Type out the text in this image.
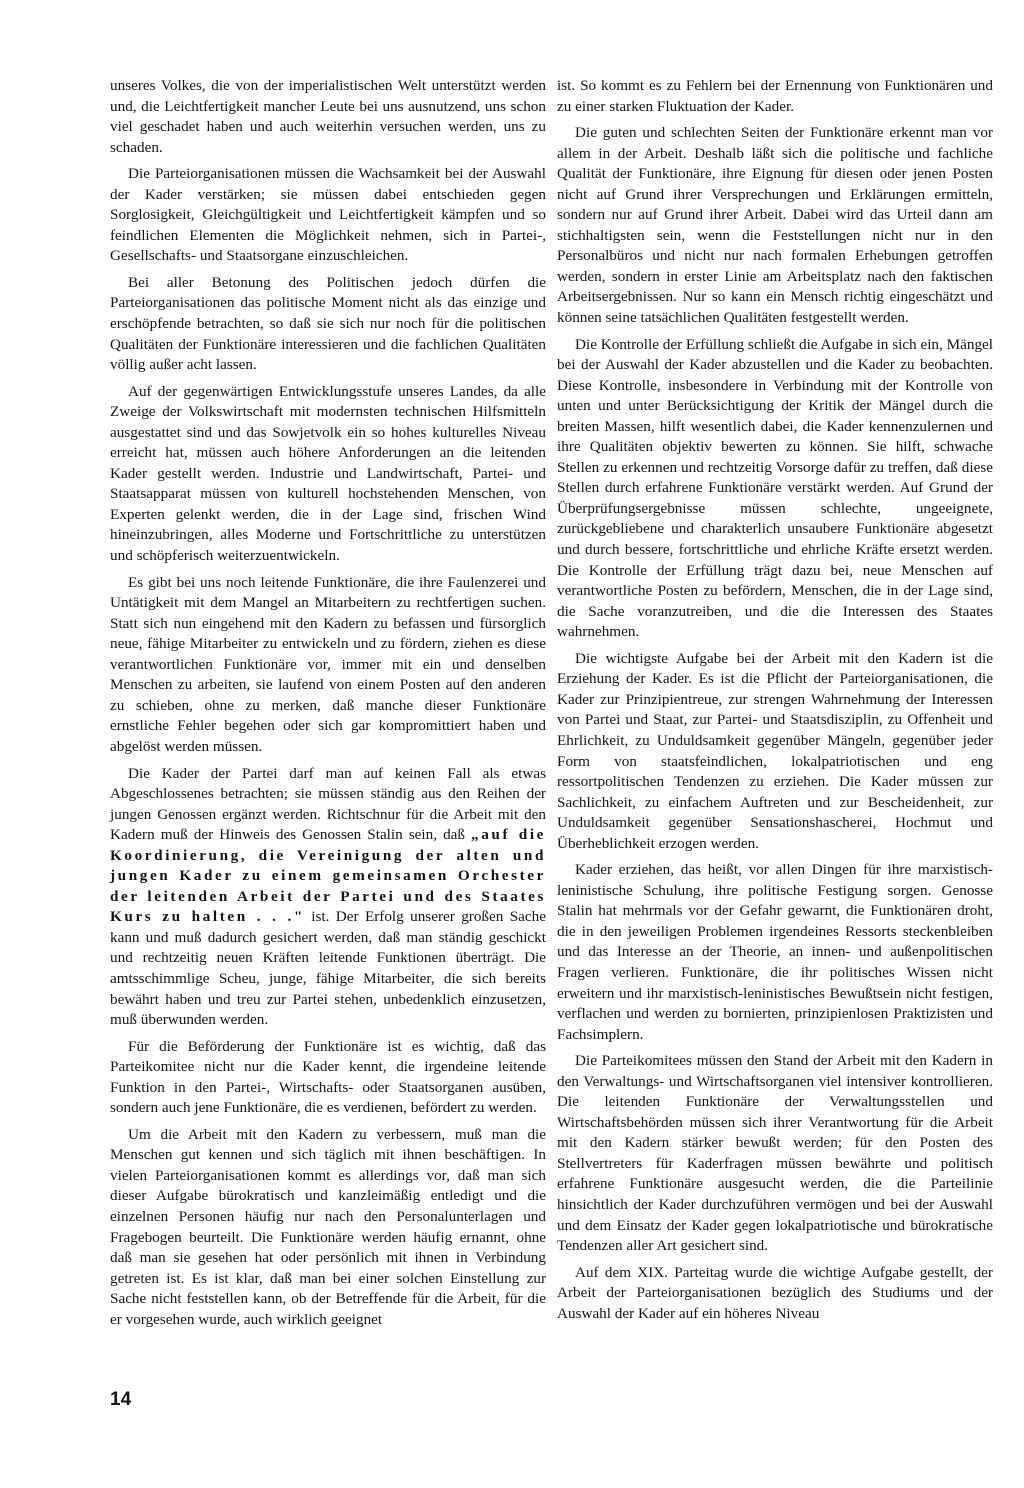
unseres Volkes, die von der imperialistischen Welt unterstützt werden und, die Leichtfertigkeit mancher Leute bei uns ausnutzend, uns schon viel geschadet haben und auch weiterhin versuchen werden, uns zu schaden.

Die Parteiorganisationen müssen die Wachsamkeit bei der Auswahl der Kader verstärken; sie müssen dabei entschieden gegen Sorglosigkeit, Gleichgültigkeit und Leichtfertigkeit kämpfen und so feindlichen Elementen die Möglichkeit nehmen, sich in Partei-, Gesellschafts- und Staatsorgane einzuschleichen.

Bei aller Betonung des Politischen jedoch dürfen die Parteiorganisationen das politische Moment nicht als das einzige und erschöpfende betrachten, so daß sie sich nur noch für die politischen Qualitäten der Funktionäre interessieren und die fachlichen Qualitäten völlig außer acht lassen.

Auf der gegenwärtigen Entwicklungsstufe unseres Landes, da alle Zweige der Volkswirtschaft mit modernsten technischen Hilfsmitteln ausgestattet sind und das Sowjetvolk ein so hohes kulturelles Niveau erreicht hat, müssen auch höhere Anforderungen an die leitenden Kader gestellt werden. Industrie und Landwirtschaft, Partei- und Staatsapparat müssen von kulturell hochstehenden Menschen, von Experten gelenkt werden, die in der Lage sind, frischen Wind hineinzubringen, alles Moderne und Fortschrittliche zu unterstützen und schöpferisch weiterzuentwickeln.

Es gibt bei uns noch leitende Funktionäre, die ihre Faulenzerei und Untätigkeit mit dem Mangel an Mitarbeitern zu rechtfertigen suchen. Statt sich nun eingehend mit den Kadern zu befassen und fürsorglich neue, fähige Mitarbeiter zu entwickeln und zu fördern, ziehen es diese verantwortlichen Funktionäre vor, immer mit ein und denselben Menschen zu arbeiten, sie laufend von einem Posten auf den anderen zu schieben, ohne zu merken, daß manche dieser Funktionäre ernstliche Fehler begehen oder sich gar kompromittiert haben und abgelöst werden müssen.

Die Kader der Partei darf man auf keinen Fall als etwas Abgeschlossenes betrachten; sie müssen ständig aus den Reihen der jungen Genossen ergänzt werden. Richtschnur für die Arbeit mit den Kadern muß der Hinweis des Genossen Stalin sein, daß „auf die Koordinierung, die Vereinigung der alten und jungen Kader zu einem gemeinsamen Orchester der leitenden Arbeit der Partei und des Staates Kurs zu halten . . ." ist. Der Erfolg unserer großen Sache kann und muß dadurch gesichert werden, daß man ständig geschickt und rechtzeitig neuen Kräften leitende Funktionen überträgt. Die amtsschimmlige Scheu, junge, fähige Mitarbeiter, die sich bereits bewährt haben und treu zur Partei stehen, unbedenklich einzusetzen, muß überwunden werden.

Für die Beförderung der Funktionäre ist es wichtig, daß das Parteikomitee nicht nur die Kader kennt, die irgendeine leitende Funktion in den Partei-, Wirtschafts- oder Staatsorganen ausüben, sondern auch jene Funktionäre, die es verdienen, befördert zu werden.

Um die Arbeit mit den Kadern zu verbessern, muß man die Menschen gut kennen und sich täglich mit ihnen beschäftigen. In vielen Parteiorganisationen kommt es allerdings vor, daß man sich dieser Aufgabe bürokratisch und kanzleimäßig entledigt und die einzelnen Personen häufig nur nach den Personalunterlagen und Fragebogen beurteilt. Die Funktionäre werden häufig ernannt, ohne daß man sie gesehen hat oder persönlich mit ihnen in Verbindung getreten ist. Es ist klar, daß man bei einer solchen Einstellung zur Sache nicht feststellen kann, ob der Betreffende für die Arbeit, für die er vorgesehen wurde, auch wirklich geeignet

ist. So kommt es zu Fehlern bei der Ernennung von Funktionären und zu einer starken Fluktuation der Kader.

Die guten und schlechten Seiten der Funktionäre erkennt man vor allem in der Arbeit. Deshalb läßt sich die politische und fachliche Qualität der Funktionäre, ihre Eignung für diesen oder jenen Posten nicht auf Grund ihrer Versprechungen und Erklärungen ermitteln, sondern nur auf Grund ihrer Arbeit. Dabei wird das Urteil dann am stichhaltigsten sein, wenn die Feststellungen nicht nur in den Personalbüros und nicht nur nach formalen Erhebungen getroffen werden, sondern in erster Linie am Arbeitsplatz nach den faktischen Arbeitsergebnissen. Nur so kann ein Mensch richtig eingeschätzt und können seine tatsächlichen Qualitäten festgestellt werden.

Die Kontrolle der Erfüllung schließt die Aufgabe in sich ein, Mängel bei der Auswahl der Kader abzustellen und die Kader zu beobachten. Diese Kontrolle, insbesondere in Verbindung mit der Kontrolle von unten und unter Berücksichtigung der Kritik der Mängel durch die breiten Massen, hilft wesentlich dabei, die Kader kennenzulernen und ihre Qualitäten objektiv bewerten zu können. Sie hilft, schwache Stellen zu erkennen und rechtzeitig Vorsorge dafür zu treffen, daß diese Stellen durch erfahrene Funktionäre verstärkt werden. Auf Grund der Überprüfungsergebnisse müssen schlechte, ungeeignete, zurückgebliebene und charakterlich unsaubere Funktionäre abgesetzt und durch bessere, fortschrittliche und ehrliche Kräfte ersetzt werden. Die Kontrolle der Erfüllung trägt dazu bei, neue Menschen auf verantwortliche Posten zu befördern, Menschen, die in der Lage sind, die Sache voranzutreiben, und die die Interessen des Staates wahrnehmen.

Die wichtigste Aufgabe bei der Arbeit mit den Kadern ist die Erziehung der Kader. Es ist die Pflicht der Parteiorganisationen, die Kader zur Prinzipientreue, zur strengen Wahrnehmung der Interessen von Partei und Staat, zur Partei- und Staatsdisziplin, zu Offenheit und Ehrlichkeit, zu Unduldsamkeit gegenüber Mängeln, gegenüber jeder Form von staatsfeindlichen, lokalpatriotischen und eng ressortpolitischen Tendenzen zu erziehen. Die Kader müssen zur Sachlichkeit, zu einfachem Auftreten und zur Bescheidenheit, zur Unduldsamkeit gegenüber Sensationshascherei, Hochmut und Überheblichkeit erzogen werden.

Kader erziehen, das heißt, vor allen Dingen für ihre marxistisch-leninistische Schulung, ihre politische Festigung sorgen. Genosse Stalin hat mehrmals vor der Gefahr gewarnt, die Funktionären droht, die in den jeweiligen Problemen irgendeines Ressorts steckenbleiben und das Interesse an der Theorie, an innen- und außenpolitischen Fragen verlieren. Funktionäre, die ihr politisches Wissen nicht erweitern und ihr marxistisch-leninistisches Bewußtsein nicht festigen, verflachen und werden zu bornierten, prinzipienlosen Praktizisten und Fachsimplern.

Die Parteikomitees müssen den Stand der Arbeit mit den Kadern in den Verwaltungs- und Wirtschaftsorganen viel intensiver kontrollieren. Die leitenden Funktionäre der Verwaltungsstellen und Wirtschaftsbehörden müssen sich ihrer Verantwortung für die Arbeit mit den Kadern stärker bewußt werden; für den Posten des Stellvertreters für Kaderfragen müssen bewährte und politisch erfahrene Funktionäre ausgesucht werden, die die Parteilinie hinsichtlich der Kader durchzuführen vermögen und bei der Auswahl und dem Einsatz der Kader gegen lokalpatriotische und bürokratische Tendenzen aller Art gesichert sind.

Auf dem XIX. Parteitag wurde die wichtige Aufgabe gestellt, der Arbeit der Parteiorganisationen bezüglich des Studiums und der Auswahl der Kader auf ein höheres Niveau

14
